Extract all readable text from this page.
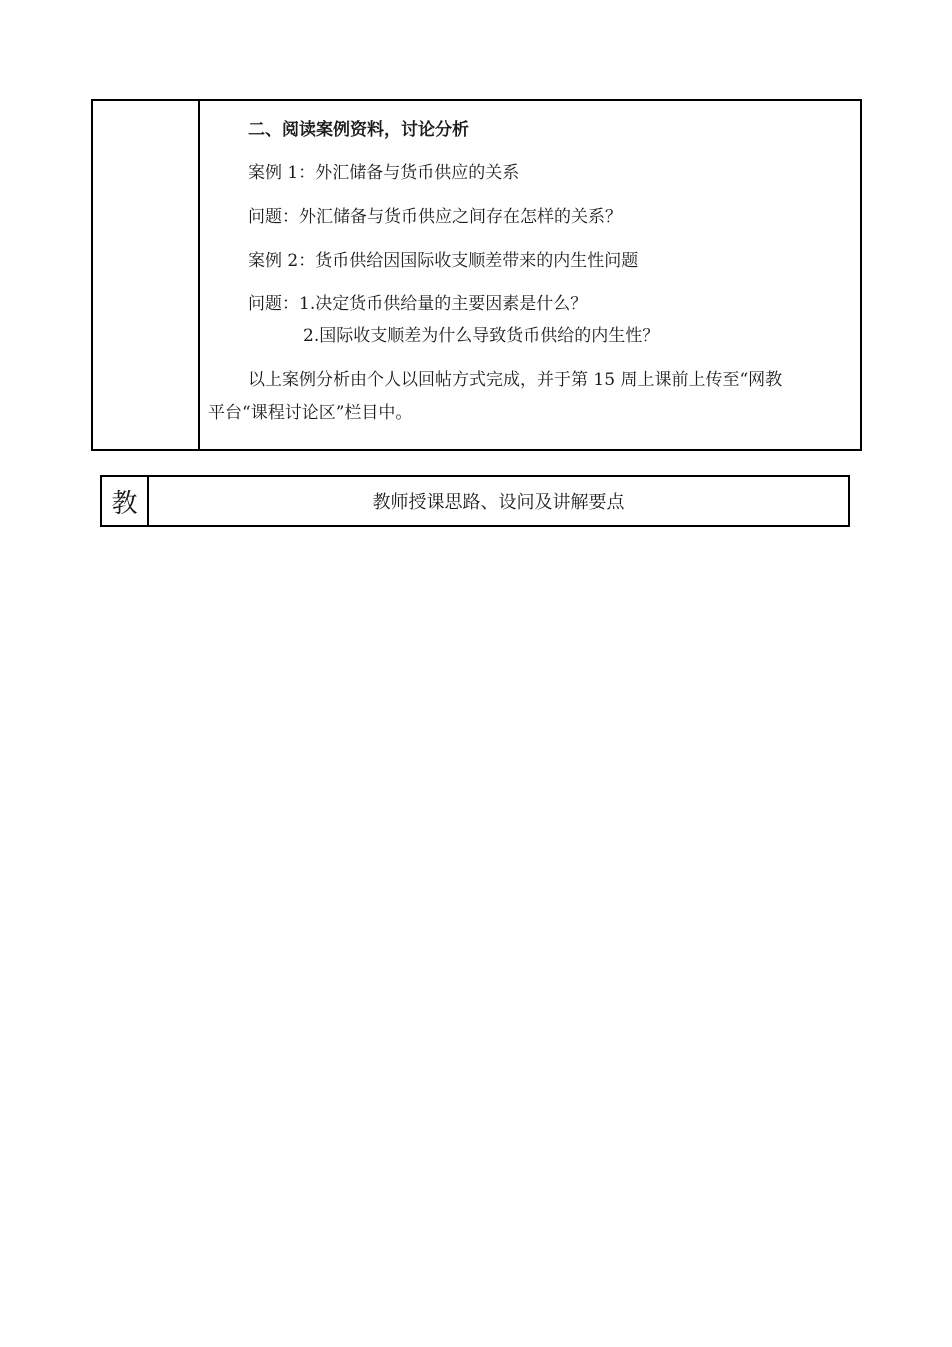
二、阅读案例资料，讨论分析
案例 1：外汇储备与货币供应的关系
问题：外汇储备与货币供应之间存在怎样的关系？
案例 2：货币供给因国际收支顺差带来的内生性问题
问题：1.决定货币供给量的主要因素是什么？
2.国际收支顺差为什么导致货币供给的内生性？
以上案例分析由个人以回帖方式完成，并于第 15 周上课前上传至“网教
平台“课程讨论区”栏目中。
教	教师授课思路、设问及讲解要点
